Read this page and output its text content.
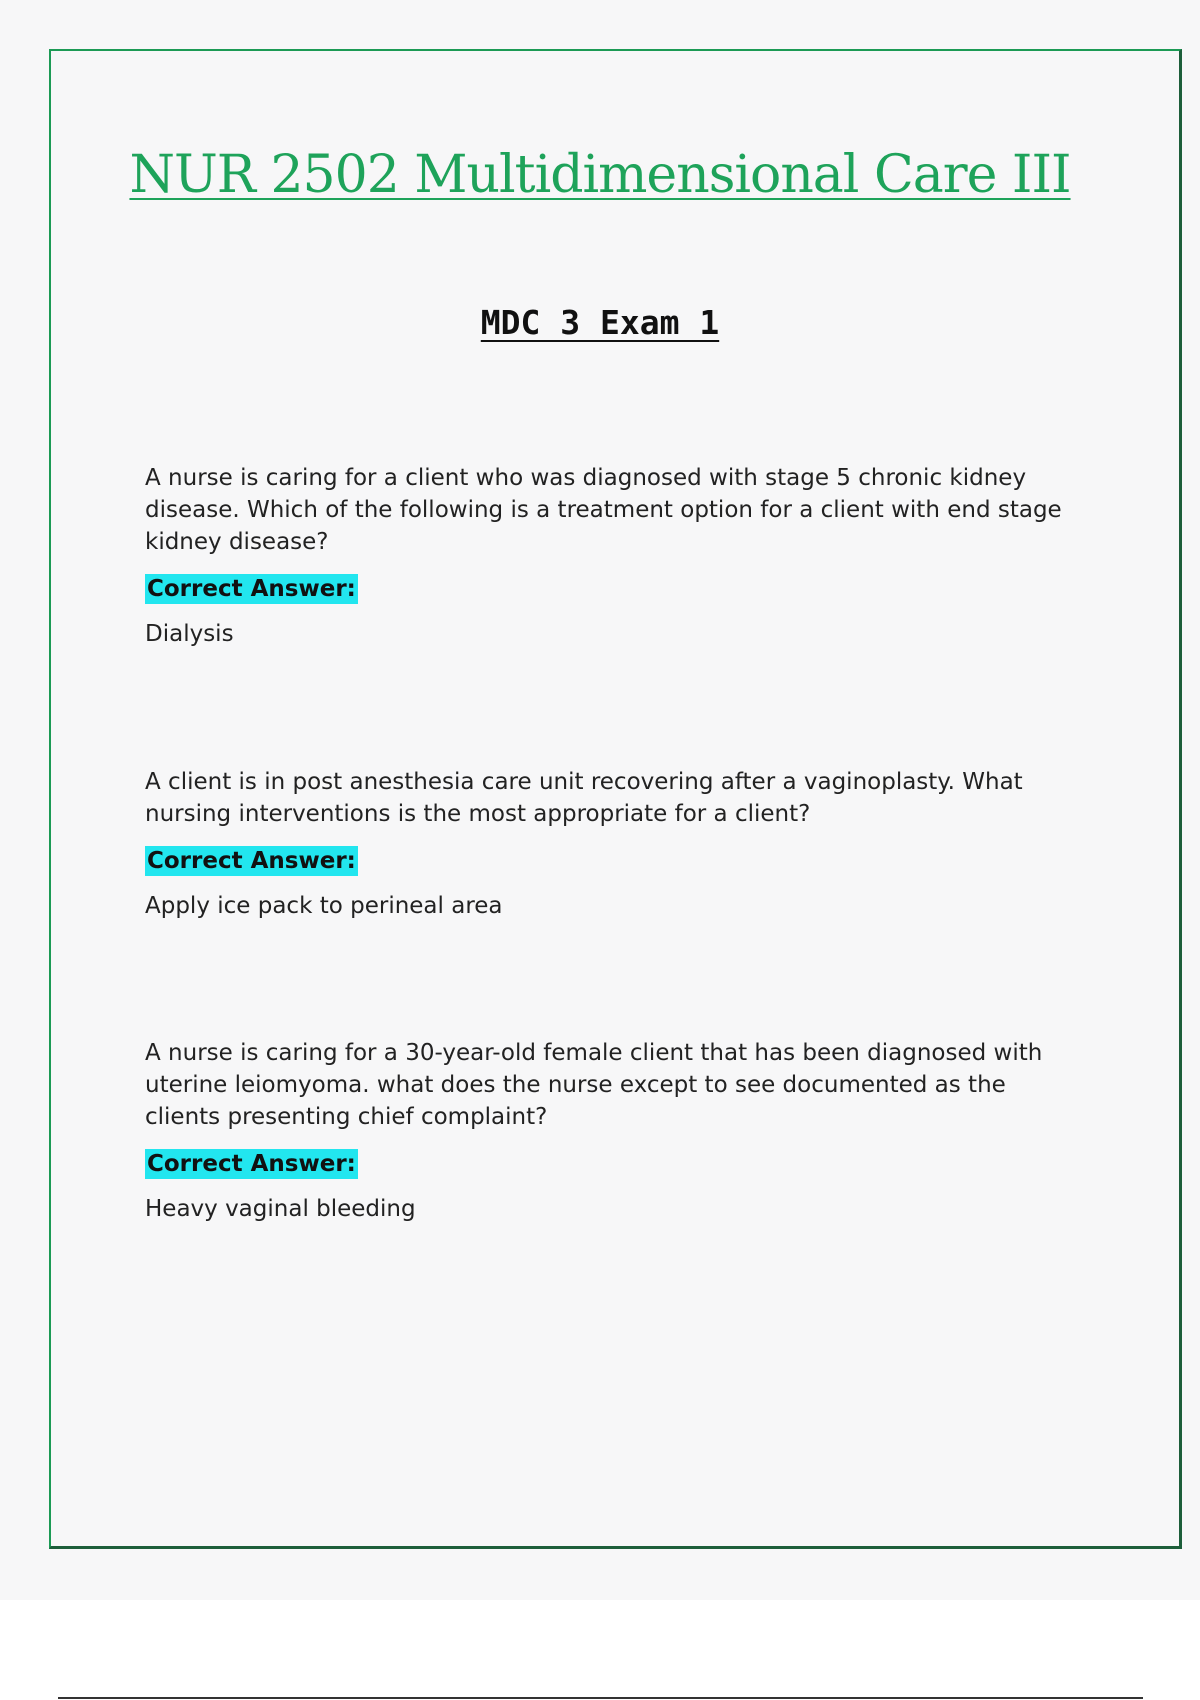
NUR 2502 Multidimensional Care III
MDC 3 Exam 1

A nurse is caring for a client who was diagnosed with stage 5 chronic kidney disease. Which of the following is a treatment option for a client with end stage kidney disease?

Correct Answer:

Dialysis

A client is in post anesthesia care unit recovering after a vaginoplasty. What nursing interventions is the most appropriate for a client?

Correct Answer:

Apply ice pack to perineal area

A nurse is caring for a 30-year-old female client that has been diagnosed with uterine leiomyoma. what does the nurse except to see documented as the clients presenting chief complaint?

Correct Answer:

Heavy vaginal bleeding
